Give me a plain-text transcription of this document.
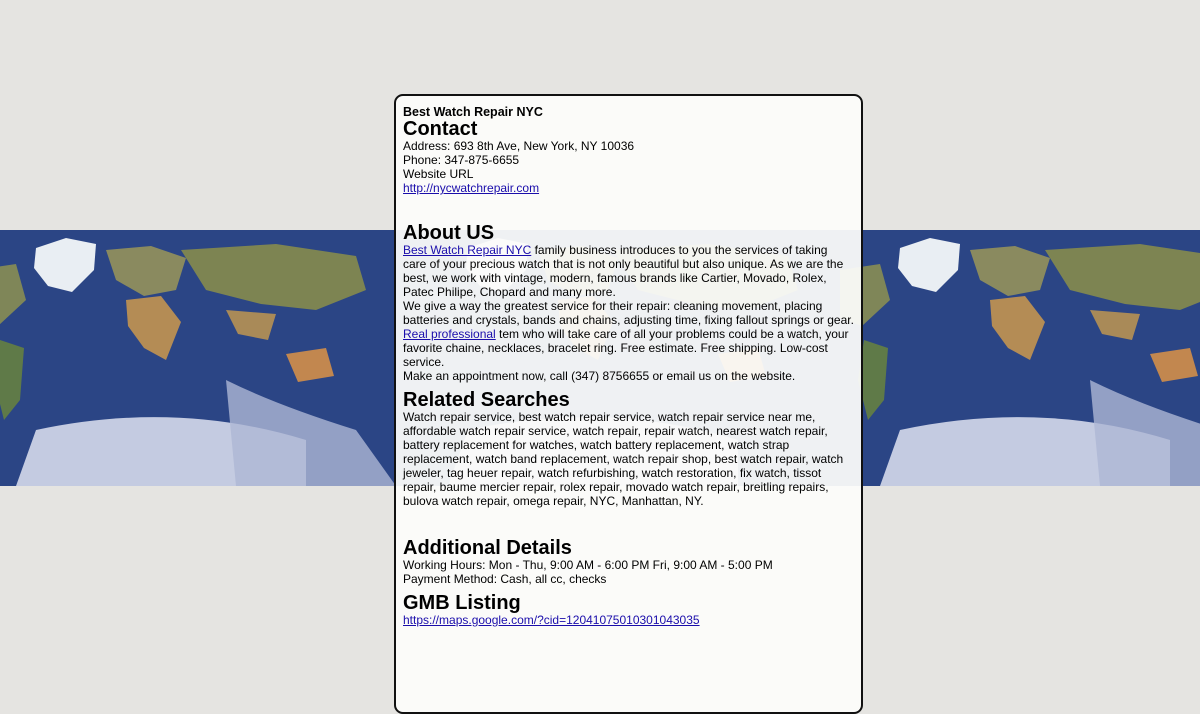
Best Watch Repair NYC
Contact

Address: 693 8th Ave, New York, NY 10036

Phone: 347-875-6655

Website URL

http://nycwatchrepair.com

About US

Best Watch Repair NYC family business introduces to you the services of taking care of your precious watch that is not only beautiful but also unique. As we are the best, we work with vintage, modern, famous brands like Cartier, Movado, Rolex, Patec Philipe, Chopard and many more.

We give a way the greatest service for their repair: cleaning movement, placing batteries and crystals, bands and chains, adjusting time, fixing fallout springs or gear. Real professional tem who will take care of all your problems could be a watch, your favorite chaine, necklaces, bracelet ring. Free estimate. Free shipping. Low-cost service.

Make an appointment now, call (347) 8756655 or email us on the website.

Related Searches

Watch repair service, best watch repair service, watch repair service near me, affordable watch repair service, watch repair, repair watch, nearest watch repair, battery replacement for watches, watch battery replacement, watch strap replacement, watch band replacement, watch repair shop, best watch repair, watch jeweler, tag heuer repair, watch refurbishing, watch restoration, fix watch, tissot repair, baume mercier repair, rolex repair, movado watch repair, breitling repairs, bulova watch repair, omega repair, NYC, Manhattan, NY.

Additional Details

Working Hours: Mon - Thu, 9:00 AM - 6:00 PM Fri, 9:00 AM - 5:00 PM

Payment Method: Cash, all cc, checks

GMB Listing

https://maps.google.com/?cid=12041075010301043035
